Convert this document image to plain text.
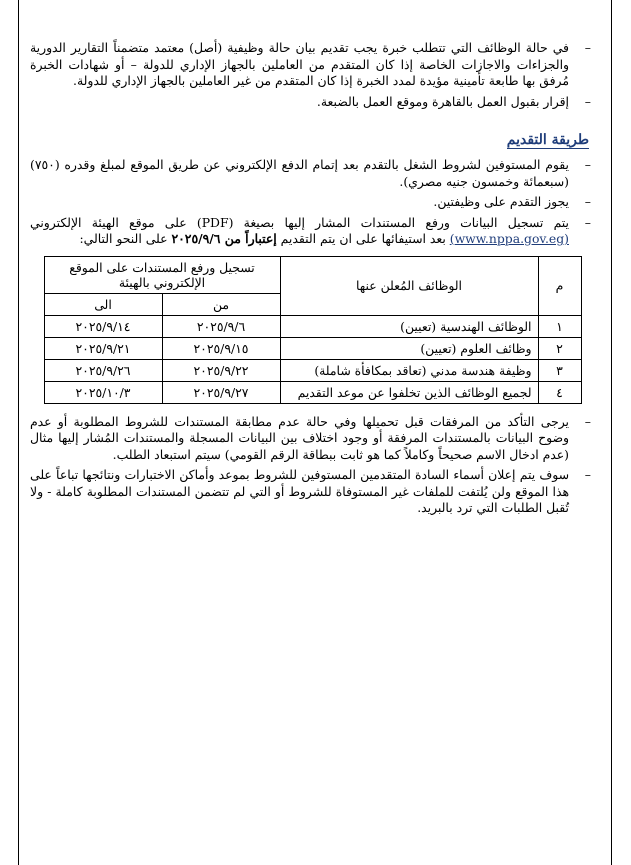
–
في حالة الوظائف التي تتطلب خبرة يجب تقديم بيان حالة وظيفية (أصل) معتمد متضمناً التقارير الدورية والجزاءات والاجازات الخاصة إذا كان المتقدم من العاملين بالجهاز الإداري للدولة – أو شهادات الخبرة مُرفق بها طابعة تأمينية مؤيدة لمدد الخبرة إذا كان المتقدم من غير العاملين بالجهاز الإداري للدولة.
–
إقرار بقبول العمل بالقاهرة وموقع العمل بالضبعة.
طريقة التقديم
–
يقوم المستوفين لشروط الشغل بالتقدم بعد إتمام الدفع الإلكتروني عن طريق الموقع لمبلغ وقدره (٧٥٠) (سبعمائة وخمسون جنيه مصري).
–
يجوز التقدم على وظيفتين.
–
يتم تسجيل البيانات ورفع المستندات المشار إليها بصيغة (PDF) على موقع الهيئة الإلكتروني (www.nppa.gov.eg) بعد استيفائها على ان يتم التقديم إعتباراً من ٢٠٢٥/٩/٦ على النحو التالي:
م	الوظائف المُعلن عنها	تسجيل ورفع المستندات على الموقع الإلكتروني بالهيئة	
		من	الى
١	الوظائف الهندسية (تعيين)	٢٠٢٥/٩/٦	٢٠٢٥/٩/١٤
٢	وظائف العلوم (تعيين)	٢٠٢٥/٩/١٥	٢٠٢٥/٩/٢١
٣	وظيفة هندسة مدني (تعاقد بمكافأة شاملة)	٢٠٢٥/٩/٢٢	٢٠٢٥/٩/٢٦
٤	لجميع الوظائف الذين تخلفوا عن موعد التقديم	٢٠٢٥/٩/٢٧	٢٠٢٥/١٠/٣
–
يرجى التأكد من المرفقات قبل تحميلها وفي حالة عدم مطابقة المستندات للشروط المطلوبة أو عدم وضوح البيانات بالمستندات المرفقة أو وجود اختلاف بين البيانات المسجلة والمستندات المُشار إليها مثال (عدم ادخال الاسم صحيحاً وكاملاً كما هو ثابت ببطاقة الرقم القومي) سيتم استبعاد الطلب.
–
سوف يتم إعلان أسماء السادة المتقدمين المستوفين للشروط بموعد وأماكن الاختبارات ونتائجها تباعاً على هذا الموقع ولن يُلتفت للملفات غير المستوفاة للشروط أو التي لم تتضمن المستندات المطلوبة كاملة - ولا تُقبل الطلبات التي ترد بالبريد.
